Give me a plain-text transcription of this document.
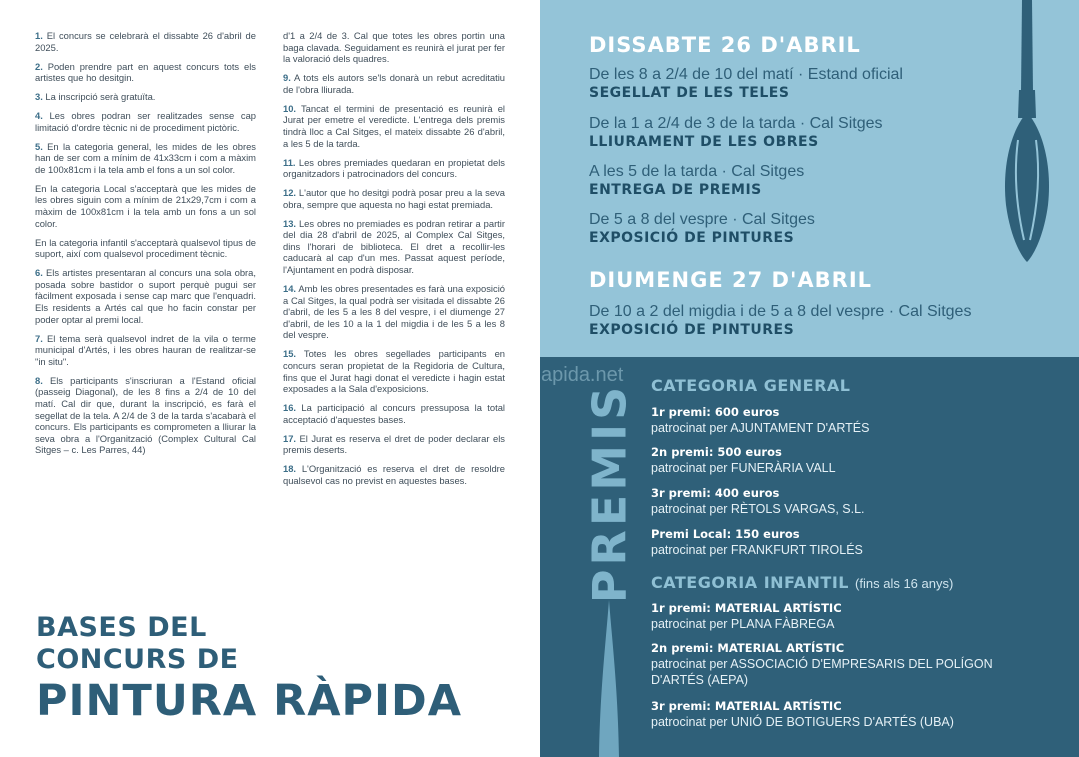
1. El concurs se celebrarà el dissabte 26 d'abril de 2025.

2. Poden prendre part en aquest concurs tots els artistes que ho desitgin.

3. La inscripció serà gratuïta.

4. Les obres podran ser realitzades sense cap limitació d'ordre tècnic ni de procediment pictòric.

5. En la categoria general, les mides de les obres han de ser com a mínim de 41x33cm i com a màxim de 100x81cm i la tela amb el fons a un sol color.

En la categoria Local s'acceptarà que les mides de les obres siguin com a mínim de 21x29,7cm i com a màxim de 100x81cm i la tela amb un fons a un sol color.

En la categoria infantil s'acceptarà qualsevol tipus de suport, així com qualsevol procediment tècnic.

6. Els artistes presentaran al concurs una sola obra, posada sobre bastidor o suport perquè pugui ser fàcilment exposada i sense cap marc que l'enquadri. Els residents a Artés cal que ho facin constar per poder optar al premi local.

7. El tema serà qualsevol indret de la vila o terme municipal d'Artés, i les obres hauran de realitzar-se "in situ".

8. Els participants s'inscriuran a l'Estand oficial (passeig Diagonal), de les 8 fins a 2/4 de 10 del matí. Cal dir que, durant la inscripció, es farà el segellat de la tela. A 2/4 de 3 de la tarda s'acabarà el concurs. Els participants es comprometen a lliurar la seva obra a l'Organització (Complex Cultural Cal Sitges – c. Les Parres, 44)

d'1 a 2/4 de 3. Cal que totes les obres portin una baga clavada. Seguidament es reunirà el jurat per fer la valoració dels quadres.

9. A tots els autors se'ls donarà un rebut acreditatiu de l'obra lliurada.

10. Tancat el termini de presentació es reunirà el Jurat per emetre el veredicte. L'entrega dels premis tindrà lloc a Cal Sitges, el mateix dissabte 26 d'abril, a les 5 de la tarda.

11. Les obres premiades quedaran en propietat dels organitzadors i patrocinadors del concurs.

12. L'autor que ho desitgi podrà posar preu a la seva obra, sempre que aquesta no hagi estat premiada.

13. Les obres no premiades es podran retirar a partir del dia 28 d'abril de 2025, al Complex Cal Sitges, dins l'horari de biblioteca. El dret a recollir-les caducarà al cap d'un mes. Passat aquest període, l'Ajuntament en podrà disposar.

14. Amb les obres presentades es farà una exposició a Cal Sitges, la qual podrà ser visitada el dissabte 26 d'abril, de les 5 a les 8 del vespre, i el diumenge 27 d'abril, de les 10 a la 1 del migdia i de les 5 a les 8 del vespre.

15. Totes les obres segellades participants en concurs seran propietat de la Regidoria de Cultura, fins que el Jurat hagi donat el veredicte i hagin estat exposades a la Sala d'exposicions.

16. La participació al concurs pressuposa la total acceptació d'aquestes bases.

17. El Jurat es reserva el dret de poder declarar els premis deserts.

18. L'Organització es reserva el dret de resoldre qualsevol cas no previst en aquestes bases.

BASES DEL
CONCURS DE
PINTURA RÀPIDA
DISSABTE 26 D'ABRIL
De les 8 a 2/4 de 10 del matí · Estand oficial
SEGELLAT DE LES TELES
De la 1 a 2/4 de 3 de la tarda · Cal Sitges
LLIURAMENT DE LES OBRES
A les 5 de la tarda · Cal Sitges
ENTREGA DE PREMIS
De 5 a 8 del vespre · Cal Sitges
EXPOSICIÓ DE PINTURES
DIUMENGE 27 D'ABRIL
De 10 a 2 del migdia i de 5 a 8 del vespre · Cal Sitges
EXPOSICIÓ DE PINTURES
apida.net
PREMIS CATEGORIA GENERAL
1r premi: 600 euros
patrocinat per AJUNTAMENT D'ARTÉS
2n premi: 500 euros
patrocinat per FUNERÀRIA VALL
3r premi: 400 euros
patrocinat per RÈTOLS VARGAS, S.L.
Premi Local: 150 euros
patrocinat per FRANKFURT TIROLÉS
CATEGORIA INFANTIL (fins als 16 anys)
1r premi: MATERIAL ARTÍSTIC
patrocinat per PLANA FÀBREGA
2n premi: MATERIAL ARTÍSTIC
patrocinat per ASSOCIACIÓ D'EMPRESARIS DEL POLÍGON D'ARTÉS (AEPA)
3r premi: MATERIAL ARTÍSTIC
patrocinat per UNIÓ DE BOTIGUERS D'ARTÉS (UBA)
